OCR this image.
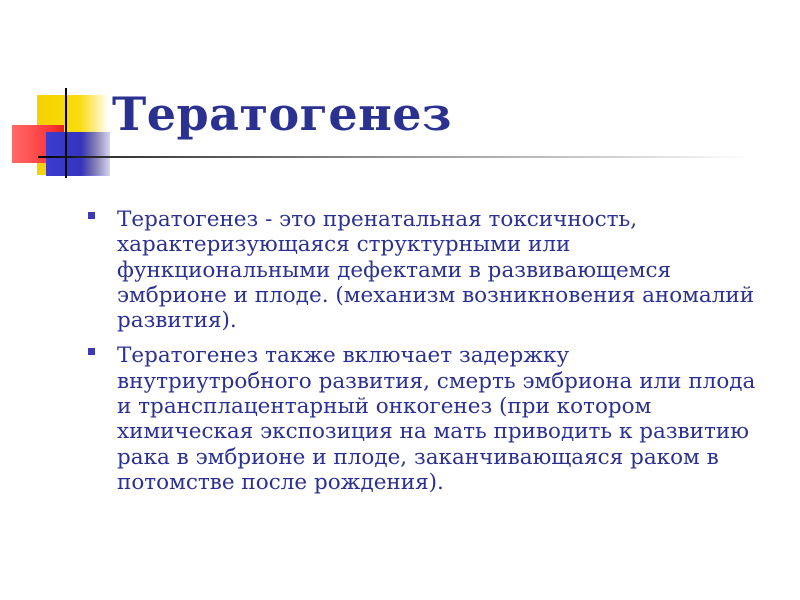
Тератогенез
Тератогенез - это пренатальная токсичность, характеризующаяся структурными или функциональными дефектами в развивающемся эмбрионе и плоде. (механизм возникновения аномалий развития).
Тератогенез также включает задержку внутриутробного развития, смерть эмбриона или плода и трансплацентарный онкогенез (при котором химическая экспозиция на мать приводить к развитию рака в эмбрионе и плоде, заканчивающаяся раком в потомстве после рождения).
